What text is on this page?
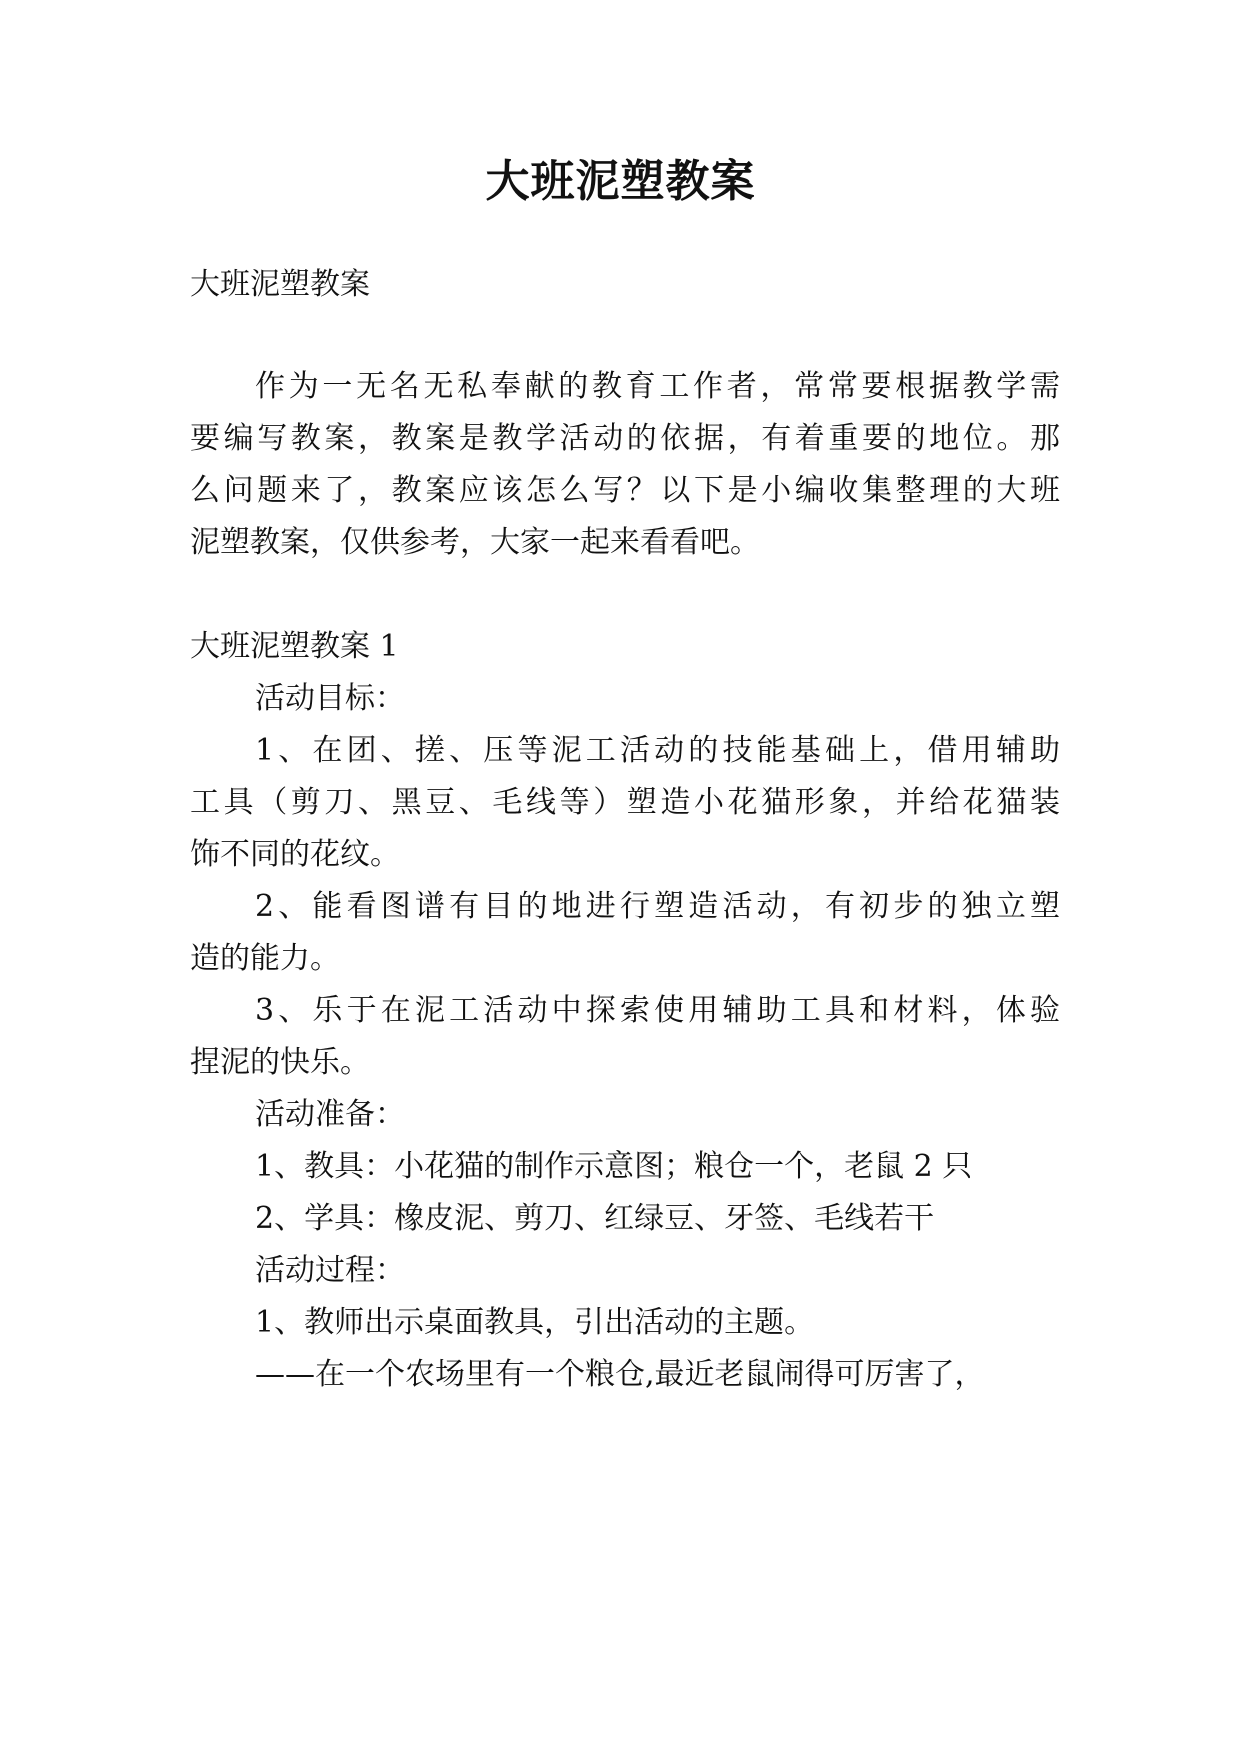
大班泥塑教案
大班泥塑教案
作为一无名无私奉献的教育工作者，常常要根据教学需
要编写教案，教案是教学活动的依据，有着重要的地位。那
么问题来了，教案应该怎么写？以下是小编收集整理的大班
泥塑教案，仅供参考，大家一起来看看吧。
大班泥塑教案 1
活动目标：
1、在团、搓、压等泥工活动的技能基础上，借用辅助
工具（剪刀、黑豆、毛线等）塑造小花猫形象，并给花猫装
饰不同的花纹。
2、能看图谱有目的地进行塑造活动，有初步的独立塑
造的能力。
3、乐于在泥工活动中探索使用辅助工具和材料，体验
捏泥的快乐。
活动准备：
1、教具：小花猫的制作示意图；粮仓一个，老鼠 2 只
2、学具：橡皮泥、剪刀、红绿豆、牙签、毛线若干
活动过程：
1、教师出示桌面教具，引出活动的主题。
——在一个农场里有一个粮仓,最近老鼠闹得可厉害了，
